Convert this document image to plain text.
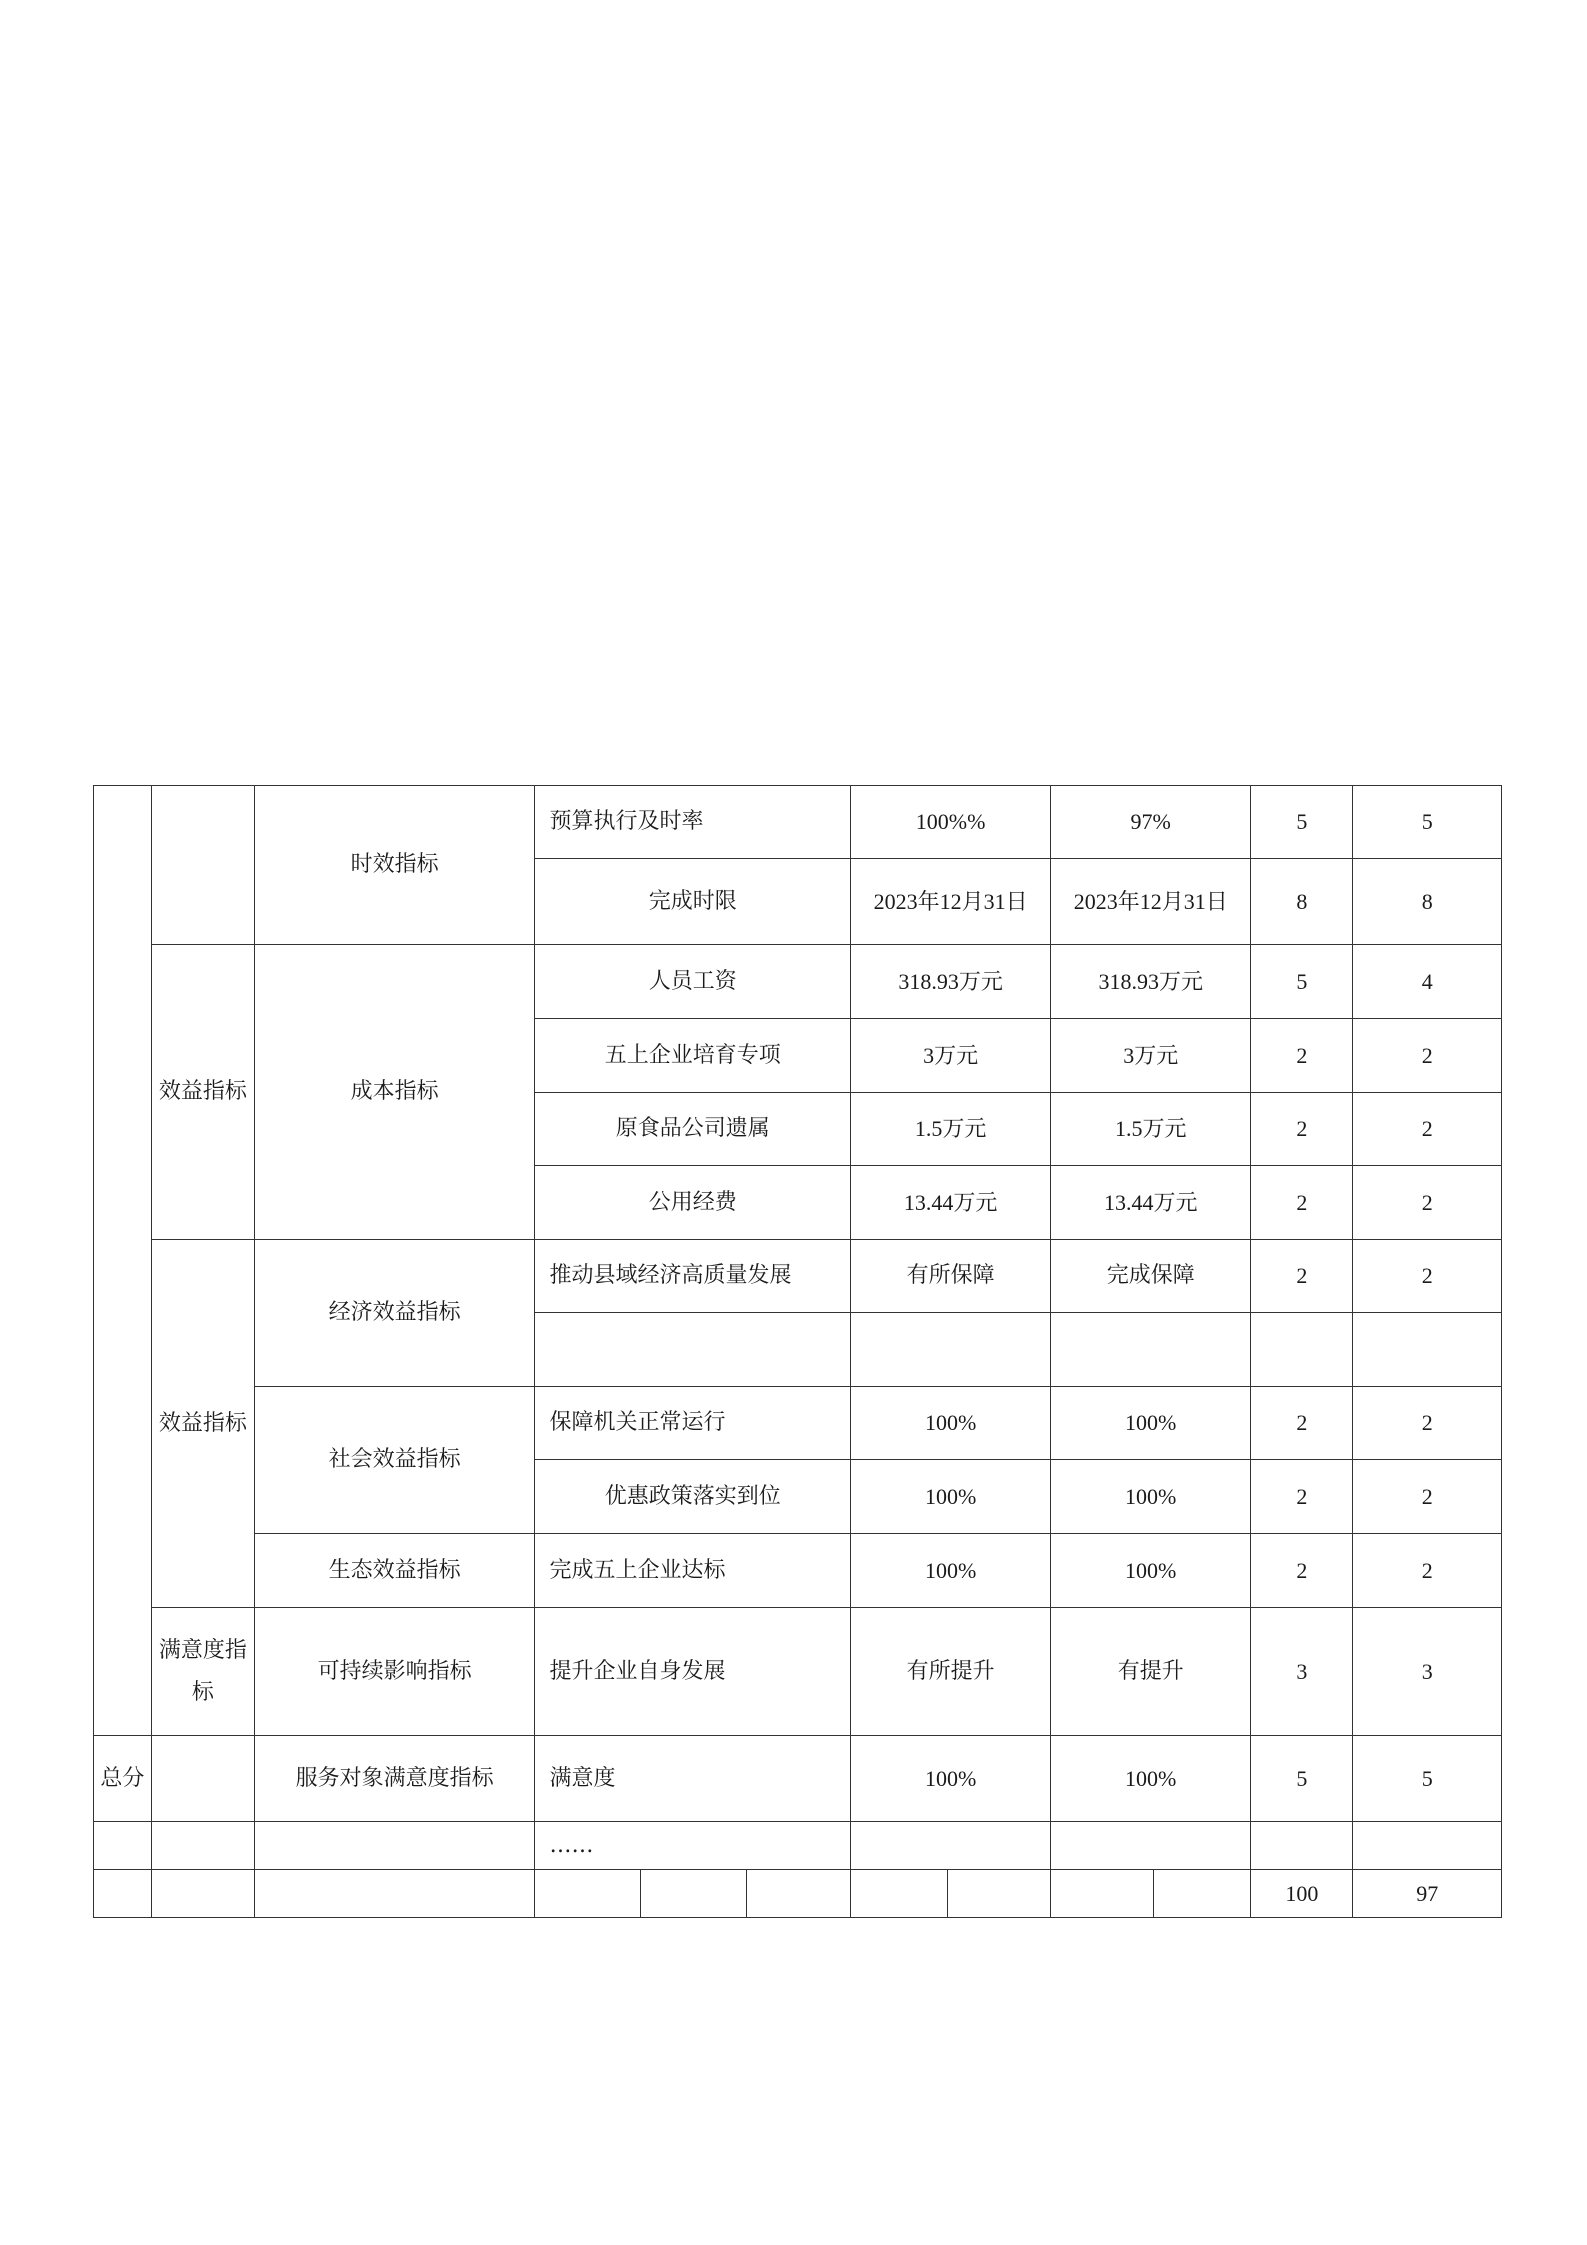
		时效指标	预算执行及时率			100%%		97%		5	5
			完成时限			2023年12月31日		2023年12月31日		8	8
	效益指标	成本指标	人员工资			318.93万元		318.93万元		5	4
			五上企业培育专项			3万元		3万元		2	2
			原食品公司遗属			1.5万元		1.5万元		2	2
			公用经费			13.44万元		13.44万元		2	2
	效益指标	经济效益指标	推动县域经济高质量发展			有所保障		完成保障		2	2

		社会效益指标	保障机关正常运行			100%		100%		2	2
			优惠政策落实到位			100%		100%		2	2
		生态效益指标	完成五上企业达标			100%		100%		2	2
	满意度指标	可持续影响指标	提升企业自身发展			有所提升		有提升		3	3
总分		服务对象满意度指标	满意度			100%		100%		5	5
			……								
										100	97
